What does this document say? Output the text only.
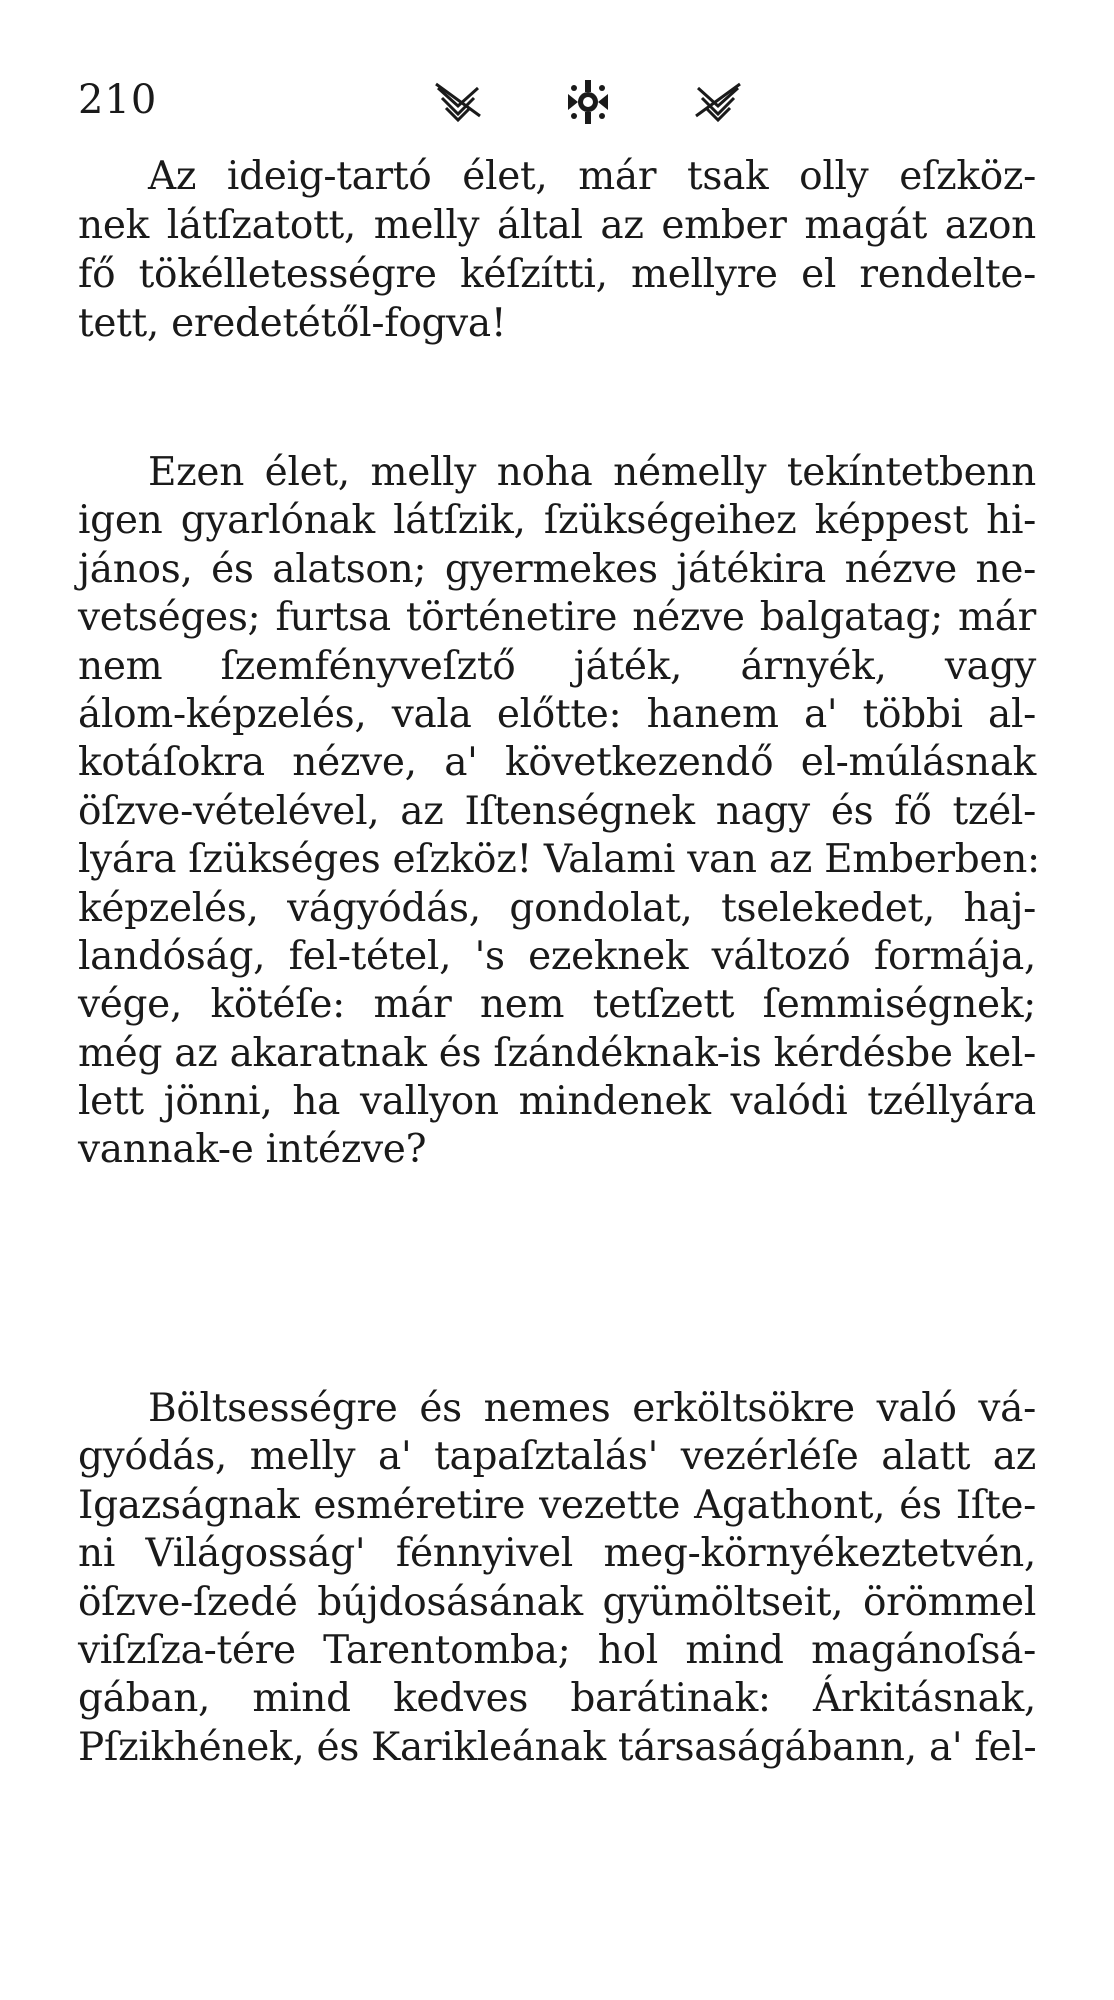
210
Az ideig-tartó élet, már tsak olly eſzköz-
nek látſzatott, melly által az ember magát azon
fő tökélletességre kéſzítti, mellyre el rendelte-
tett, eredetétől-fogva!
Ezen élet, melly noha némelly tekíntetbenn
igen gyarlónak látſzik, ſzükségeihez képpest hi-
jános, és alatson; gyermekes játékira nézve ne-
vetséges; furtsa történetire nézve balgatag; már
nem ſzemfényveſztő játék, árnyék, vagy
álom-képzelés, vala előtte: hanem a' többi al-
kotáſokra nézve, a' következendő el-múlásnak
öſzve-vételével, az Iſtenségnek nagy és fő tzél-
lyára ſzükséges eſzköz! Valami van az Emberben:
képzelés, vágyódás, gondolat, tselekedet, haj-
landóság, fel-tétel, 's ezeknek változó formája,
vége, kötéſe: már nem tetſzett ſemmiségnek;
még az akaratnak és ſzándéknak-is kérdésbe kel-
lett jönni, ha vallyon mindenek valódi tzéllyára
vannak-e intézve?
Böltsességre és nemes erköltsökre való vá-
gyódás, melly a' tapaſztalás' vezérléſe alatt az
Igazságnak esméretire vezette Agathont, és Iſte-
ni Világosság' fénnyivel meg-környékeztetvén,
öſzve-ſzedé bújdosásának gyümöltseit, örömmel
viſzſza-tére Tarentomba; hol mind magánoſsá-
gában, mind kedves barátinak: Árkitásnak,
Pſzikhének, és Karikleának társaságábann, a' fel-
